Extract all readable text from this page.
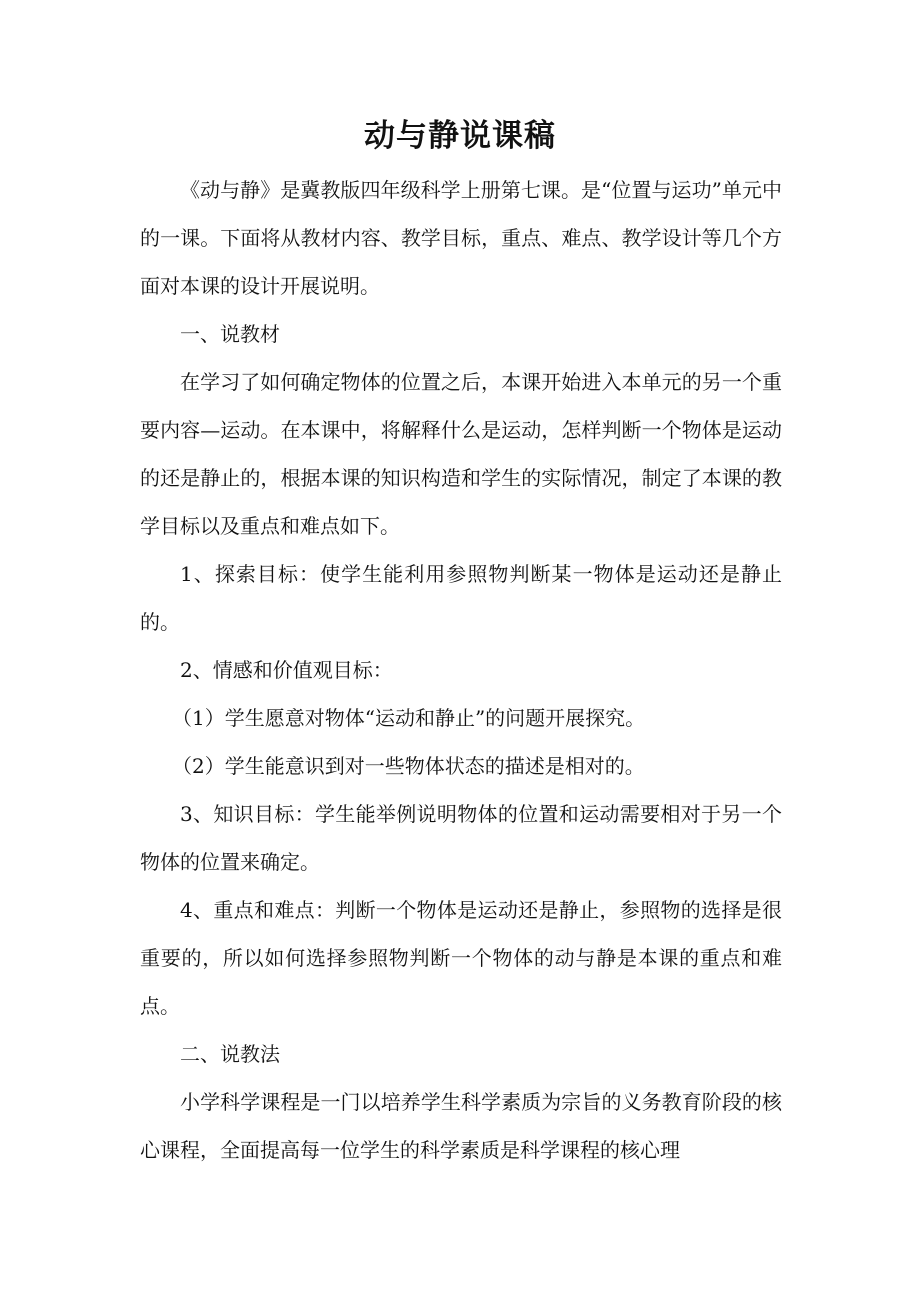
动与静说课稿

《动与静》是冀教版四年级科学上册第七课。是“位置与运功”单元中的一课。下面将从教材内容、教学目标，重点、难点、教学设计等几个方面对本课的设计开展说明。

一、说教材

在学习了如何确定物体的位置之后，本课开始进入本单元的另一个重要内容—运动。在本课中，将解释什么是运动，怎样判断一个物体是运动的还是静止的，根据本课的知识构造和学生的实际情况，制定了本课的教学目标以及重点和难点如下。

1、探索目标：使学生能利用参照物判断某一物体是运动还是静止的。

2、情感和价值观目标：

（1）学生愿意对物体“运动和静止”的问题开展探究。

（2）学生能意识到对一些物体状态的描述是相对的。

3、知识目标：学生能举例说明物体的位置和运动需要相对于另一个物体的位置来确定。

4、重点和难点：判断一个物体是运动还是静止，参照物的选择是很重要的，所以如何选择参照物判断一个物体的动与静是本课的重点和难点。

二、说教法

小学科学课程是一门以培养学生科学素质为宗旨的义务教育阶段的核心课程，全面提高每一位学生的科学素质是科学课程的核心理
